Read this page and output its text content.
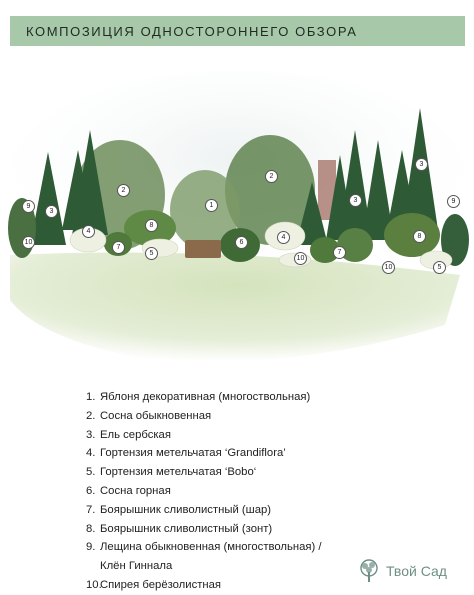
КОМПОЗИЦИЯ ОДНОСТОРОННЕГО ОБЗОРА
9
3
2
1
2
3
3
9
10
4
8
7
5
6
4
10
7
8
10	5
1. Яблоня декоративная (многоствольная)
2. Сосна обыкновенная
3. Ель сербская
4. Гортензия метельчатая ‘Grandiflora’
5. Гортензия метельчатая ‘Bobo‘
6. Сосна горная
7. Боярышник сливолистный (шар)
8. Боярышник сливолистный (зонт)
9. Лещина обыкновенная (многоствольная) /
Клён Гиннала
10.Спирея берёзолистная
Твой Сад
